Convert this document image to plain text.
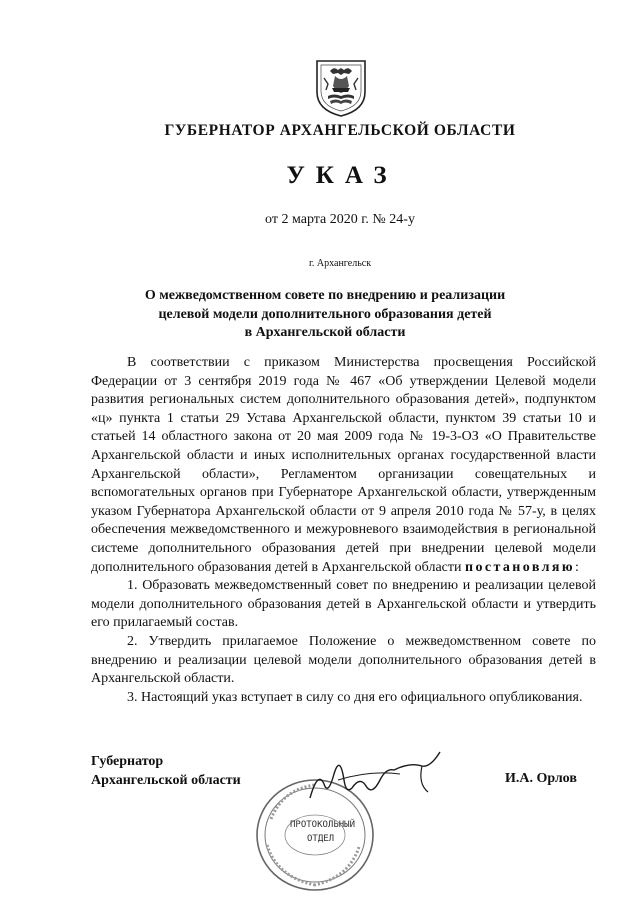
ГУБЕРНАТОР АРХАНГЕЛЬСКОЙ ОБЛАСТИ
УКАЗ
от 2 марта 2020 г. № 24-у
г. Архангельск
О межведомственном совете по внедрению и реализации
целевой модели дополнительного образования детей
в Архангельской области

В соответствии с приказом Министерства просвещения Российской Федерации от 3 сентября 2019 года № 467 «Об утверждении Целевой модели развития региональных систем дополнительного образования детей», подпунктом «ц» пункта 1 статьи 29 Устава Архангельской области, пунктом 39 статьи 10 и статьей 14 областного закона от 20 мая 2009 года № 19-3-ОЗ «О Правительстве Архангельской области и иных исполнительных органах государственной власти Архангельской области», Регламентом организации совещательных и вспомогательных органов при Губернаторе Архангельской области, утвержденным указом Губернатора Архангельской области от 9 апреля 2010 года № 57-у, в целях обеспечения межведомственного и межуровневого взаимодействия в региональной системе дополнительного образования детей при внедрении целевой модели дополнительного образования детей в Архангельской области постановляю:

1. Образовать межведомственный совет по внедрению и реализации целевой модели дополнительного образования детей в Архангельской области и утвердить его прилагаемый состав.

2. Утвердить прилагаемое Положение о межведомственном совете по внедрению и реализации целевой модели дополнительного образования детей в Архангельской области.

3. Настоящий указ вступает в силу со дня его официального опубликования.

Губернатор
Архангельской области	И.А. Орлов
ПРОТОКОЛЬНЫЙ
ОТДЕЛ
